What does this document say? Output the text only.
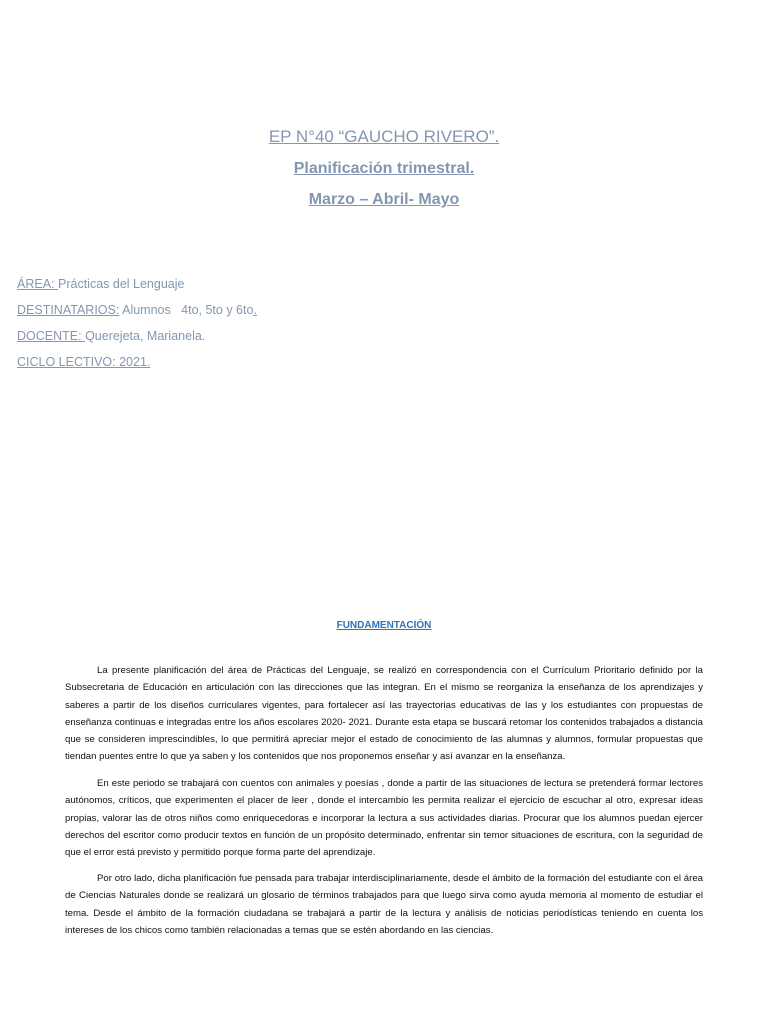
EP N°40 “GAUCHO RIVERO”.
Planificación trimestral.
Marzo – Abril- Mayo
ÁREA: Prácticas del Lenguaje
DESTINATARIOS: Alumnos   4to, 5to y 6to.
DOCENTE: Querejeta, Marianela.
CICLO LECTIVO: 2021.
FUNDAMENTACIÓN

La presente planificación del área de Prácticas del Lenguaje, se realizó en correspondencia con el Currículum Prioritario definido por la Subsecretaria de Educación en articulación con las direcciones que las integran. En el mismo se reorganiza la enseñanza de los aprendizajes y saberes a partir de los diseños curriculares vigentes, para fortalecer así las trayectorias educativas de las y los estudiantes con propuestas de enseñanza continuas e integradas entre los años escolares 2020- 2021. Durante esta etapa se buscará retomar los contenidos trabajados a distancia que se consideren imprescindibles, lo que permitirá apreciar mejor el estado de conocimiento de las alumnas y alumnos, formular propuestas que tiendan puentes entre lo que ya saben y los contenidos que nos proponemos enseñar y así avanzar en la enseñanza.

En este periodo se trabajará con cuentos con animales y poesías , donde a partir de las situaciones de lectura se pretenderá formar lectores autónomos, críticos, que experimenten el placer de leer , donde el intercambio les permita realizar el ejercicio de escuchar al otro, expresar ideas propias, valorar las de otros niños como enriquecedoras e incorporar la lectura a sus actividades diarias. Procurar que los alumnos puedan ejercer derechos del escritor como producir textos en función de un propósito determinado, enfrentar sin temor situaciones de escritura, con la seguridad de que el error está previsto y permitido porque forma parte del aprendizaje.

Por otro lado, dicha planificación fue pensada para trabajar interdisciplinariamente, desde el ámbito de la formación del estudiante con el área de Ciencias Naturales donde se realizará un glosario de términos trabajados para que luego sirva como ayuda memoria al momento de estudiar el tema. Desde el ámbito de la formación ciudadana se trabajará a partir de la lectura y análisis de noticias periodísticas teniendo en cuenta los intereses de los chicos como también relacionadas a temas que se estén abordando en las ciencias.
